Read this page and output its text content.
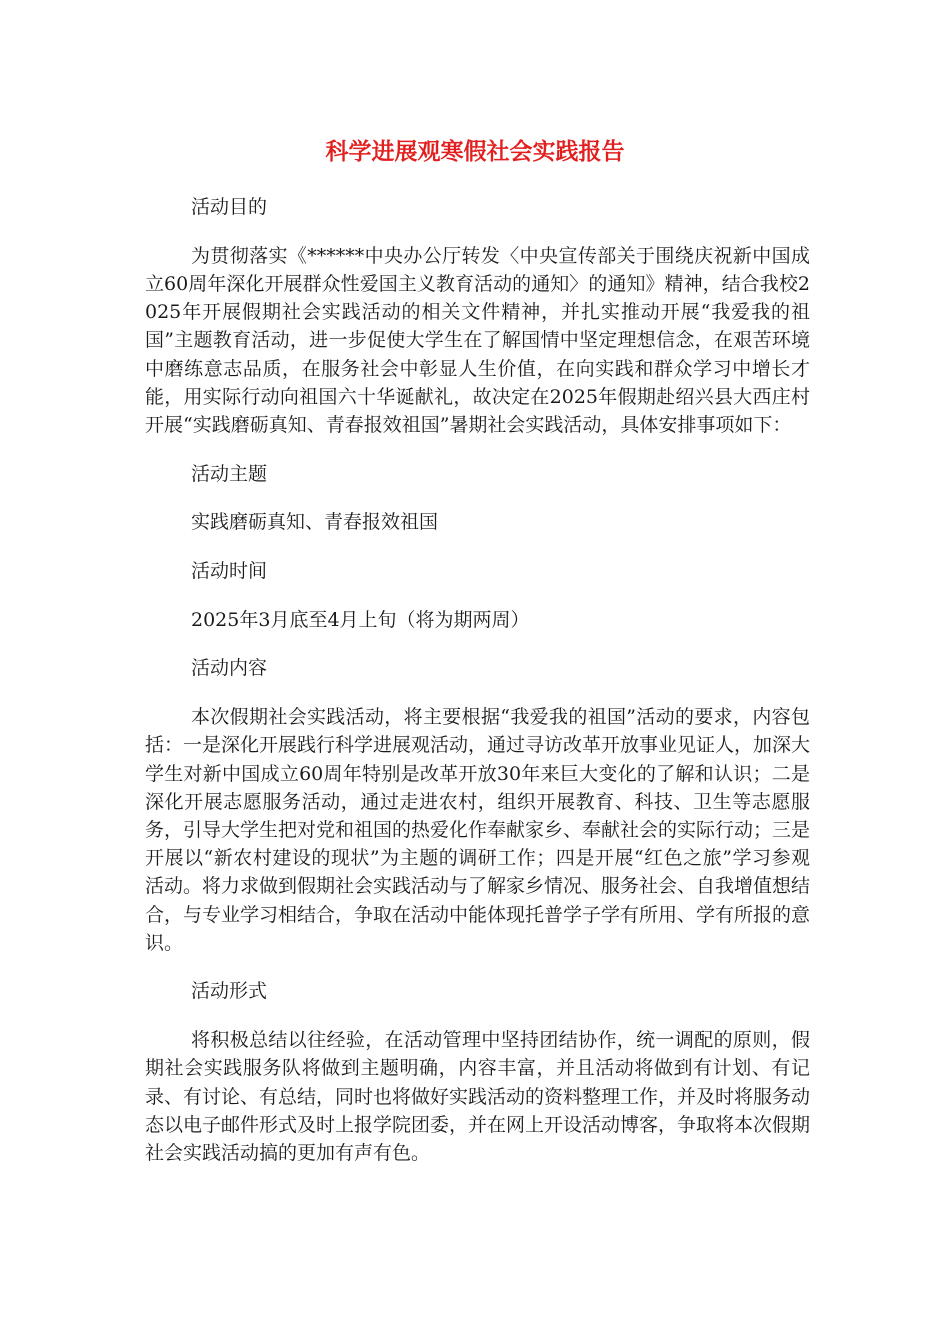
科学进展观寒假社会实践报告
活动目的

为贯彻落实《******中央办公厅转发〈中央宣传部关于围绕庆祝新中国成立60周年深化开展群众性爱国主义教育活动的通知〉的通知》精神，结合我校2025年开展假期社会实践活动的相关文件精神，并扎实推动开展“我爱我的祖国”主题教育活动，进一步促使大学生在了解国情中坚定理想信念，在艰苦环境中磨练意志品质，在服务社会中彰显人生价值，在向实践和群众学习中增长才能，用实际行动向祖国六十华诞献礼，故决定在2025年假期赴绍兴县大西庄村开展“实践磨砺真知、青春报效祖国”暑期社会实践活动，具体安排事项如下：

活动主题
实践磨砺真知、青春报效祖国
活动时间
2025年3月底至4月上旬（将为期两周）
活动内容

本次假期社会实践活动，将主要根据“我爱我的祖国”活动的要求，内容包括：一是深化开展践行科学进展观活动，通过寻访改革开放事业见证人，加深大学生对新中国成立60周年特别是改革开放30年来巨大变化的了解和认识；二是深化开展志愿服务活动，通过走进农村，组织开展教育、科技、卫生等志愿服务，引导大学生把对党和祖国的热爱化作奉献家乡、奉献社会的实际行动；三是开展以“新农村建设的现状”为主题的调研工作；四是开展“红色之旅”学习参观活动。将力求做到假期社会实践活动与了解家乡情况、服务社会、自我增值想结合，与专业学习相结合，争取在活动中能体现托普学子学有所用、学有所报的意识。

活动形式

将积极总结以往经验，在活动管理中坚持团结协作，统一调配的原则，假期社会实践服务队将做到主题明确，内容丰富，并且活动将做到有计划、有记录、有讨论、有总结，同时也将做好实践活动的资料整理工作，并及时将服务动态以电子邮件形式及时上报学院团委，并在网上开设活动博客，争取将本次假期社会实践活动搞的更加有声有色。
